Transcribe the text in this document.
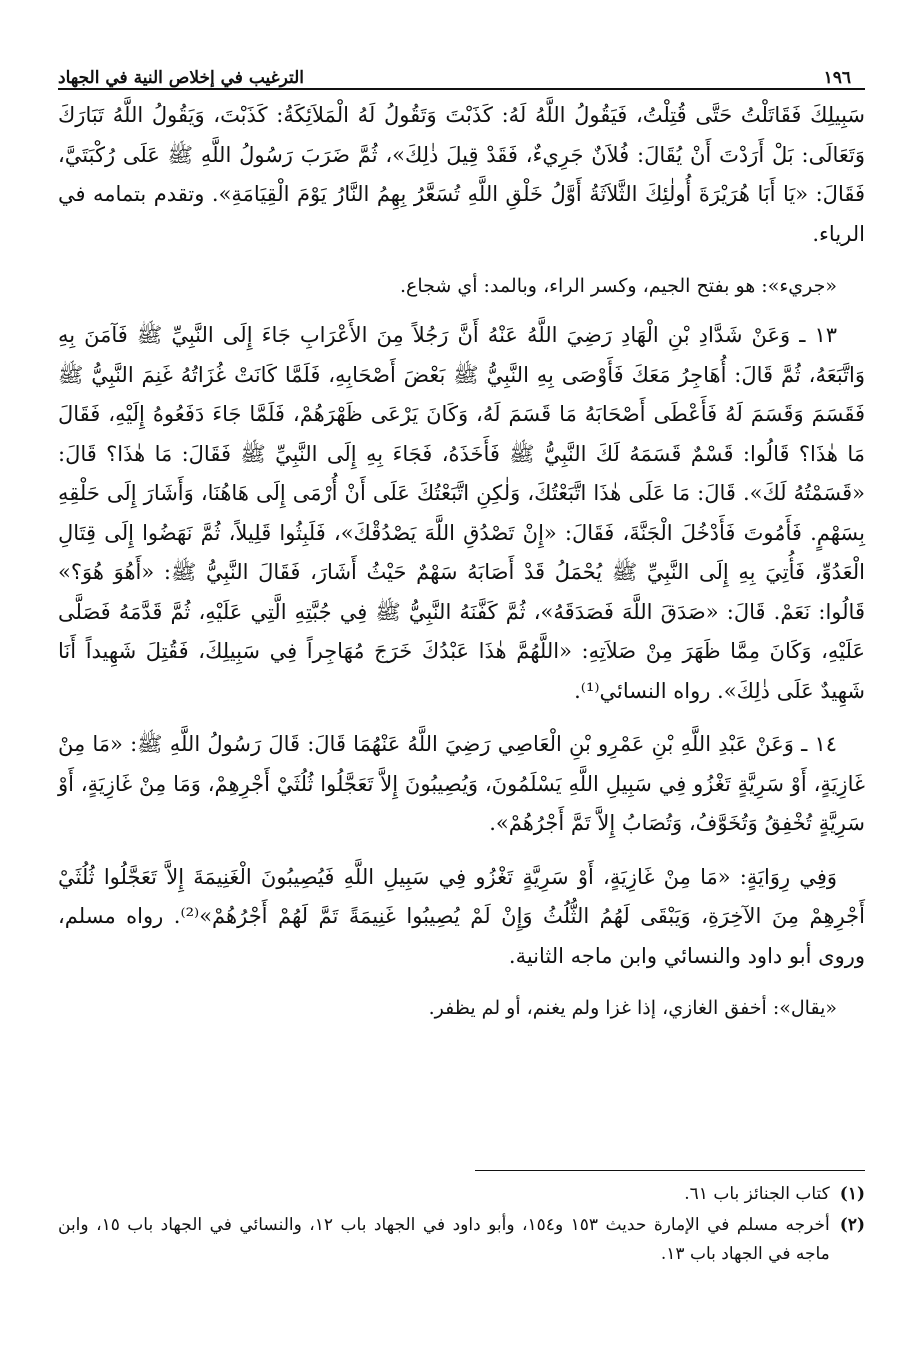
١٩٦
الترغيب في إخلاص النية في الجهاد

سَبِيلِكَ فَقَاتَلْتُ حَتَّى قُتِلْتُ، فَيَقُولُ اللَّهُ لَهُ: كَذَبْتَ وَتَقُولُ لَهُ الْمَلاَئِكَةُ: كَذَبْتَ، وَيَقُولُ اللَّهُ تَبَارَكَ وَتَعَالَى: بَلْ أَرَدْتَ أَنْ يُقَالَ: فُلاَنٌ جَرِيءٌ، فَقَدْ قِيلَ ذٰلِكَ»، ثُمَّ ضَرَبَ رَسُولُ اللَّهِ ﷺ عَلَى رُكْبَتَيَّ، فَقَالَ: «يَا أَبَا هُرَيْرَةَ أُولٰئِكَ الثَّلاَثَةُ أَوَّلُ خَلْقِ اللَّهِ تُسَعَّرُ بِهِمُ النَّارُ يَوْمَ الْقِيَامَةِ». وتقدم بتمامه في الرياء.

«جريء»: هو بفتح الجيم، وكسر الراء، وبالمد: أي شجاع.

١٣ ـ وَعَنْ شَدَّادِ بْنِ الْهَادِ رَضِيَ اللَّهُ عَنْهُ أَنَّ رَجُلاً مِنَ الأَعْرَابِ جَاءَ إِلَى النَّبِيِّ ﷺ فَآمَنَ بِهِ وَاتَّبَعَهُ، ثُمَّ قَالَ: أُهَاجِرُ مَعَكَ فَأَوْصَى بِهِ النَّبِيُّ ﷺ بَعْضَ أَصْحَابِهِ، فَلَمَّا كَانَتْ غُزَاتُهُ غَنِمَ النَّبِيُّ ﷺ فَقَسَمَ وَقَسَمَ لَهُ فَأَعْطَى أَصْحَابَهُ مَا قَسَمَ لَهُ، وَكَانَ يَرْعَى ظَهْرَهُمْ، فَلَمَّا جَاءَ دَفَعُوهُ إِلَيْهِ، فَقَالَ مَا هٰذَا؟ قَالُوا: قَسْمٌ قَسَمَهُ لَكَ النَّبِيُّ ﷺ فَأَخَذَهُ، فَجَاءَ بِهِ إِلَى النَّبِيِّ ﷺ فَقَالَ: مَا هٰذَا؟ قَالَ: «قَسَمْتُهُ لَكَ». قَالَ: مَا عَلَى هٰذَا اتَّبَعْتُكَ، وَلٰكِنِ اتَّبَعْتُكَ عَلَى أَنْ أُرْمَى إِلَى هَاهُنَا، وَأَشَارَ إِلَى حَلْقِهِ بِسَهْمٍ. فَأَمُوتَ فَأَدْخُلَ الْجَنَّةَ، فَقَالَ: «إِنْ تَصْدُقِ اللَّهَ يَصْدُقْكَ»، فَلَبِثُوا قَلِيلاً، ثُمَّ نَهَضُوا إِلَى قِتَالِ الْعَدُوِّ، فَأُتِيَ بِهِ إِلَى النَّبِيِّ ﷺ يُحْمَلُ قَدْ أَصَابَهُ سَهْمٌ حَيْثُ أَشَارَ، فَقَالَ النَّبِيُّ ﷺ: «أَهُوَ هُوَ؟» قَالُوا: نَعَمْ. قَالَ: «صَدَقَ اللَّهَ فَصَدَقَهُ»، ثُمَّ كَفَّنَهُ النَّبِيُّ ﷺ فِي جُبَّتِهِ الَّتِي عَلَيْهِ، ثُمَّ قَدَّمَهُ فَصَلَّى عَلَيْهِ، وَكَانَ مِمَّا ظَهَرَ مِنْ صَلاَتِهِ: «اللَّهُمَّ هٰذَا عَبْدُكَ خَرَجَ مُهَاجِراً فِي سَبِيلِكَ، فَقُتِلَ شَهِيداً أَنَا شَهِيدٌ عَلَى ذٰلِكَ». رواه النسائي⁽¹⁾.

١٤ ـ وَعَنْ عَبْدِ اللَّهِ بْنِ عَمْرِو بْنِ الْعَاصِي رَضِيَ اللَّهُ عَنْهُمَا قَالَ: قَالَ رَسُولُ اللَّهِ ﷺ: «مَا مِنْ غَازِيَةٍ، أَوْ سَرِيَّةٍ تَغْزُو فِي سَبِيلِ اللَّهِ يَسْلَمُونَ، وَيُصِيبُونَ إِلاَّ تَعَجَّلُوا ثُلُثَيْ أَجْرِهِمْ، وَمَا مِنْ غَازِيَةٍ، أَوْ سَرِيَّةٍ تُخْفِقُ وَتُخَوَّفُ، وَتُصَابُ إِلاَّ تَمَّ أَجْرُهُمْ».

وَفِي رِوَايَةٍ: «مَا مِنْ غَازِيَةٍ، أَوْ سَرِيَّةٍ تَغْزُو فِي سَبِيلِ اللَّهِ فَيُصِيبُونَ الْغَنِيمَةَ إِلاَّ تَعَجَّلُوا ثُلُثَيْ أَجْرِهِمْ مِنَ الآخِرَةِ، وَيَبْقَى لَهُمُ الثُّلُثُ وَإِنْ لَمْ يُصِيبُوا غَنِيمَةً تَمَّ لَهُمْ أَجْرُهُمْ»⁽²⁾. رواه مسلم، وروى أبو داود والنسائي وابن ماجه الثانية.

«يقال»: أخفق الغازي، إذا غزا ولم يغنم، أو لم يظفر.

(١)
كتاب الجنائز باب ٦١.
(٢)
أخرجه مسلم في الإمارة حديث ١٥٣ و١٥٤، وأبو داود في الجهاد باب ١٢، والنسائي في الجهاد باب ١٥، وابن ماجه في الجهاد باب ١٣.
